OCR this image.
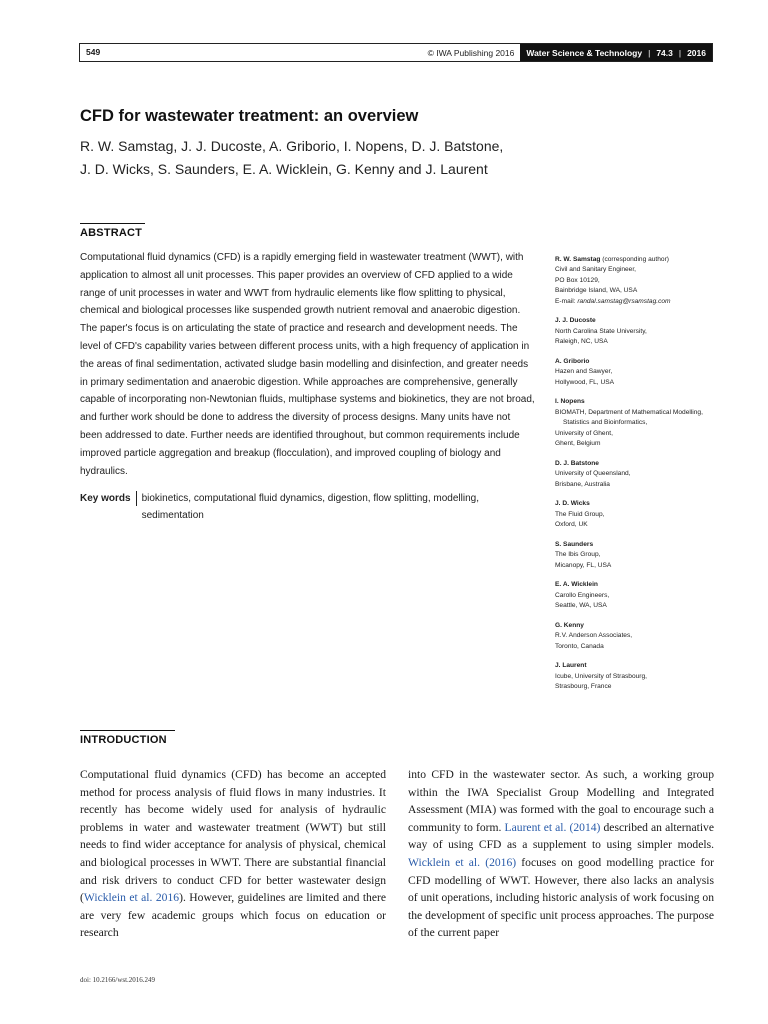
549	© IWA Publishing 2016	Water Science & Technology | 74.3 | 2016
CFD for wastewater treatment: an overview
R. W. Samstag, J. J. Ducoste, A. Griborio, I. Nopens, D. J. Batstone,
J. D. Wicks, S. Saunders, E. A. Wicklein, G. Kenny and J. Laurent
ABSTRACT
Computational fluid dynamics (CFD) is a rapidly emerging field in wastewater treatment (WWT), with application to almost all unit processes. This paper provides an overview of CFD applied to a wide range of unit processes in water and WWT from hydraulic elements like flow splitting to physical, chemical and biological processes like suspended growth nutrient removal and anaerobic digestion. The paper's focus is on articulating the state of practice and research and development needs. The level of CFD's capability varies between different process units, with a high frequency of application in the areas of final sedimentation, activated sludge basin modelling and disinfection, and greater needs in primary sedimentation and anaerobic digestion. While approaches are comprehensive, generally capable of incorporating non-Newtonian fluids, multiphase systems and biokinetics, they are not broad, and further work should be done to address the diversity of process designs. Many units have not been addressed to date. Further needs are identified throughout, but common requirements include improved particle aggregation and breakup (flocculation), and improved coupling of biology and hydraulics.
Key words	biokinetics, computational fluid dynamics, digestion, flow splitting, modelling, sedimentation
R. W. Samstag (corresponding author)
Civil and Sanitary Engineer,
PO Box 10129,
Bainbridge Island, WA, USA
E-mail: randal.samstag@rsamstag.com
J. J. Ducoste
North Carolina State University,
Raleigh, NC, USA
A. Griborio
Hazen and Sawyer,
Hollywood, FL, USA
I. Nopens
BIOMATH, Department of Mathematical Modelling,
Statistics and Bioinformatics,
University of Ghent,
Ghent, Belgium
D. J. Batstone
University of Queensland,
Brisbane, Australia
J. D. Wicks
The Fluid Group,
Oxford, UK
S. Saunders
The Ibis Group,
Micanopy, FL, USA
E. A. Wicklein
Carollo Engineers,
Seattle, WA, USA
G. Kenny
R.V. Anderson Associates,
Toronto, Canada
J. Laurent
Icube, University of Strasbourg,
Strasbourg, France
INTRODUCTION
Computational fluid dynamics (CFD) has become an accepted method for process analysis of fluid flows in many industries. It recently has become widely used for analysis of hydraulic problems in water and wastewater treatment (WWT) but still needs to find wider acceptance for analysis of physical, chemical and biological processes in WWT. There are substantial financial and risk drivers to conduct CFD for better wastewater design (Wicklein et al. 2016). However, guidelines are limited and there are very few academic groups which focus on education or research
into CFD in the wastewater sector. As such, a working group within the IWA Specialist Group Modelling and Integrated Assessment (MIA) was formed with the goal to encourage such a community to form. Laurent et al. (2014) described an alternative way of using CFD as a supplement to using simpler models. Wicklein et al. (2016) focuses on good modelling practice for CFD modelling of WWT. However, there also lacks an analysis of unit operations, including historic analysis of work focusing on the development of specific unit process approaches. The purpose of the current paper
doi: 10.2166/wst.2016.249
